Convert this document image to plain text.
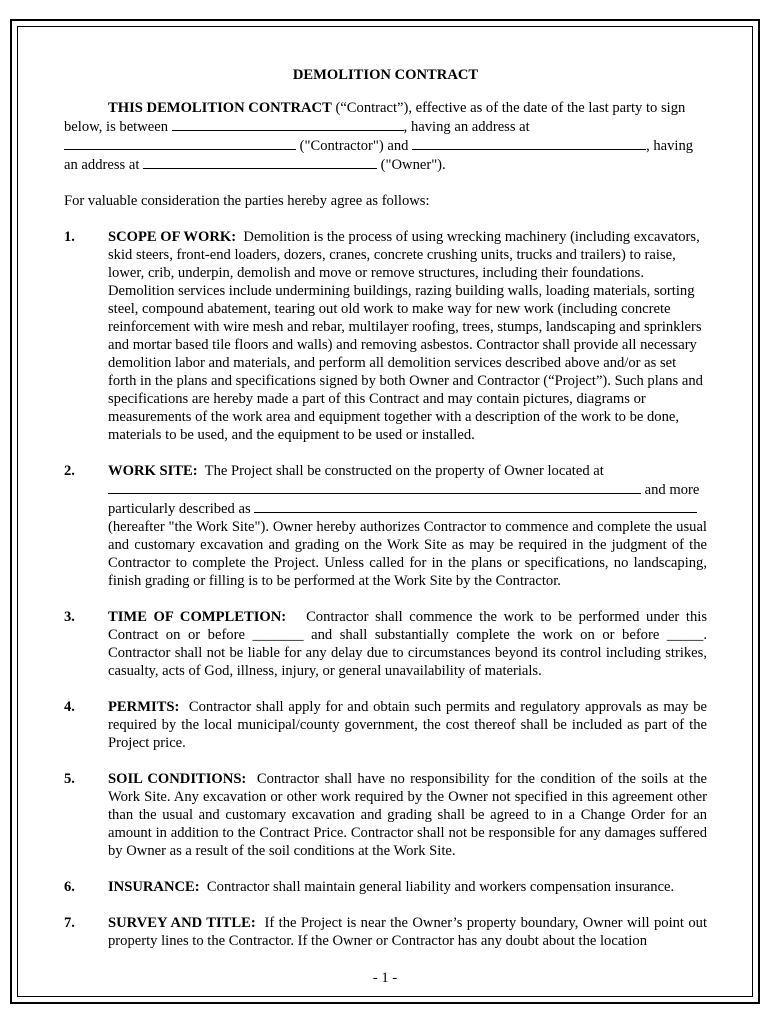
DEMOLITION CONTRACT

THIS DEMOLITION CONTRACT (“Contract”), effective as of the date of the last party to sign below, is between	, having an address at  ("Contractor") and	, having an address at	("Owner").

For valuable consideration the parties hereby agree as follows:

1. SCOPE OF WORK: Demolition is the process of using wrecking machinery (including excavators, skid steers, front-end loaders, dozers, cranes, concrete crushing units, trucks and trailers) to raise, lower, crib, underpin, demolish and move or remove structures, including their foundations. Demolition services include undermining buildings, razing building walls, loading materials, sorting steel, compound abatement, tearing out old work to make way for new work (including concrete reinforcement with wire mesh and rebar, multilayer roofing, trees, stumps, landscaping and sprinklers and mortar based tile floors and walls) and removing asbestos. Contractor shall provide all necessary demolition labor and materials, and perform all demolition services described above and/or as set forth in the plans and specifications signed by both Owner and Contractor (“Project”). Such plans and specifications are hereby made a part of this Contract and may contain pictures, diagrams or measurements of the work area and equipment together with a description of the work to be done, materials to be used, and the equipment to be used or installed.

2. WORK SITE: The Project shall be constructed on the property of Owner located at

and more

particularly described as

(hereafter "the Work Site"). Owner hereby authorizes Contractor to commence and complete the usual and customary excavation and grading on the Work Site as may be required in the judgment of the Contractor to complete the Project. Unless called for in the plans or specifications, no landscaping, finish grading or filling is to be performed at the Work Site by the Contractor.

3. TIME OF COMPLETION: Contractor shall commence the work to be performed under this Contract on or before _______ and shall substantially complete the work on or before _____. Contractor shall not be liable for any delay due to circumstances beyond its control including strikes, casualty, acts of God, illness, injury, or general unavailability of materials.

4. PERMITS: Contractor shall apply for and obtain such permits and regulatory approvals as may be required by the local municipal/county government, the cost thereof shall be included as part of the Project price.

5. SOIL CONDITIONS: Contractor shall have no responsibility for the condition of the soils at the Work Site. Any excavation or other work required by the Owner not specified in this agreement other than the usual and customary excavation and grading shall be agreed to in a Change Order for an amount in addition to the Contract Price. Contractor shall not be responsible for any damages suffered by Owner as a result of the soil conditions at the Work Site.

6. INSURANCE: Contractor shall maintain general liability and workers compensation insurance.

7. SURVEY AND TITLE: If the Project is near the Owner’s property boundary, Owner will point out property lines to the Contractor. If the Owner or Contractor has any doubt about the location

- 1 -
